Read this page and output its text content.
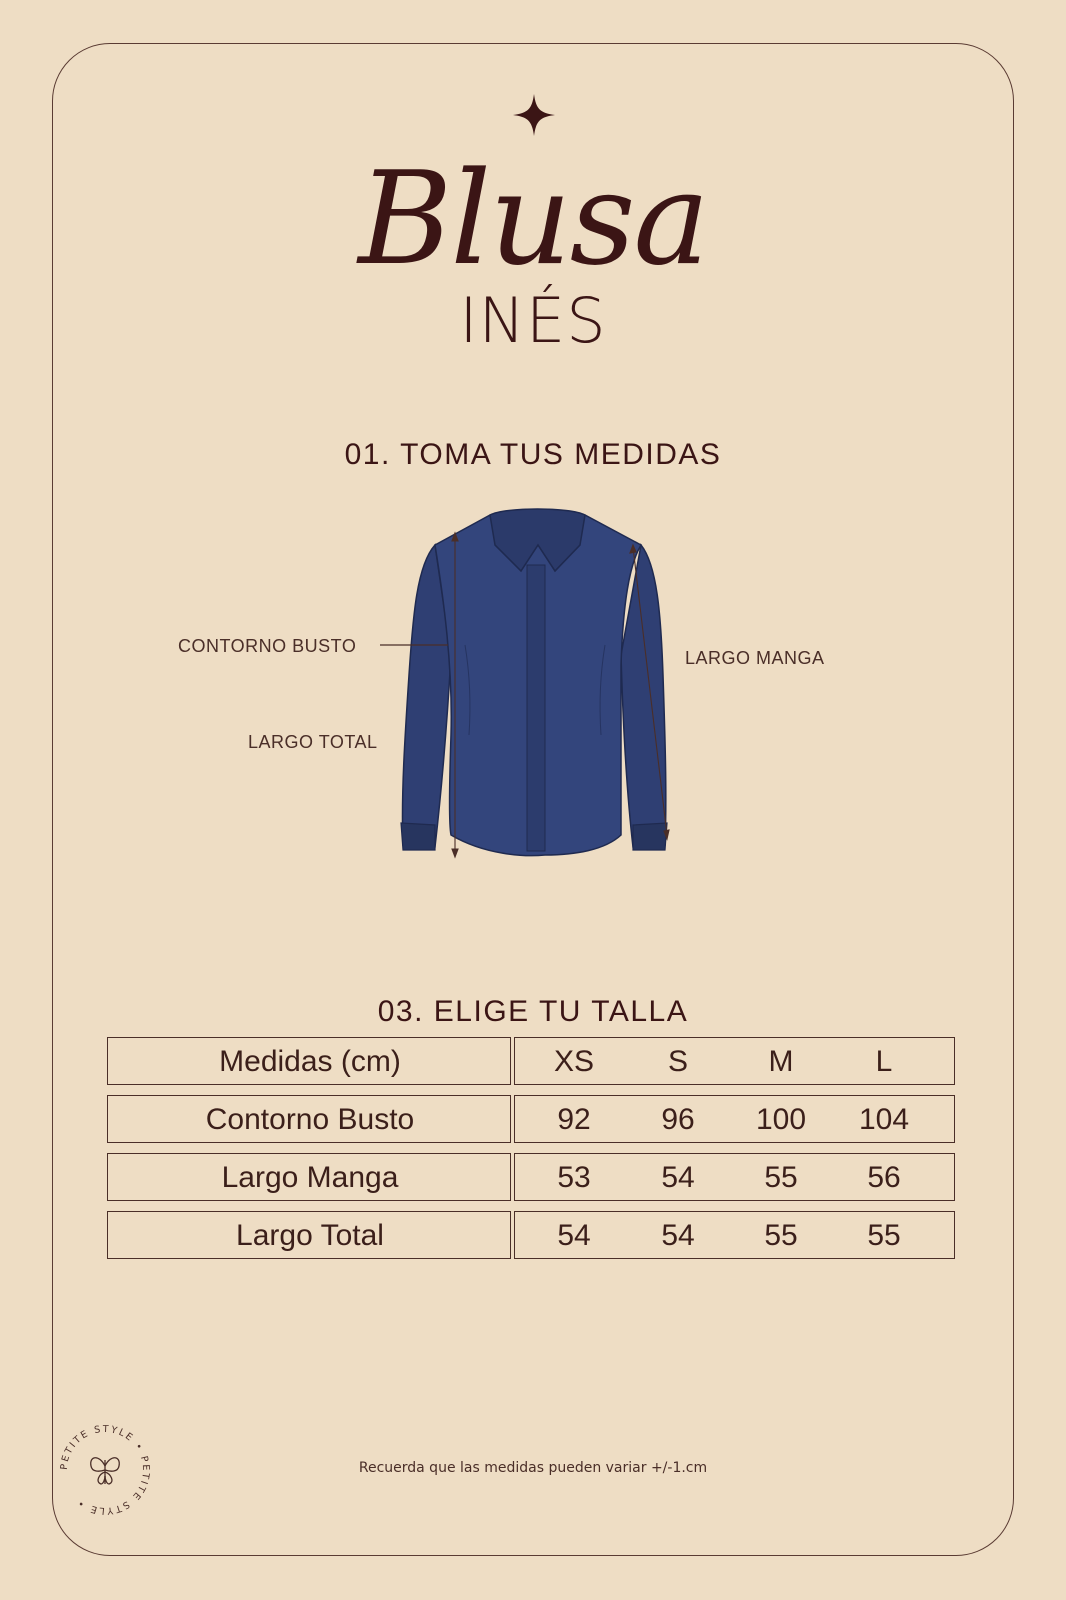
Blusa
INÉS
01. TOMA TUS MEDIDAS
CONTORNO BUSTO
LARGO MANGA
LARGO TOTAL
03. ELIGE TU TALLA
Medidas (cm)	XS	S	M	L
Contorno Busto	92	96	100	104
Largo Manga	53	54	55	56
Largo Total	54	54	55	55
PETITE STYLE • PETITE STYLE •
Recuerda que las medidas pueden variar +/-1.cm
